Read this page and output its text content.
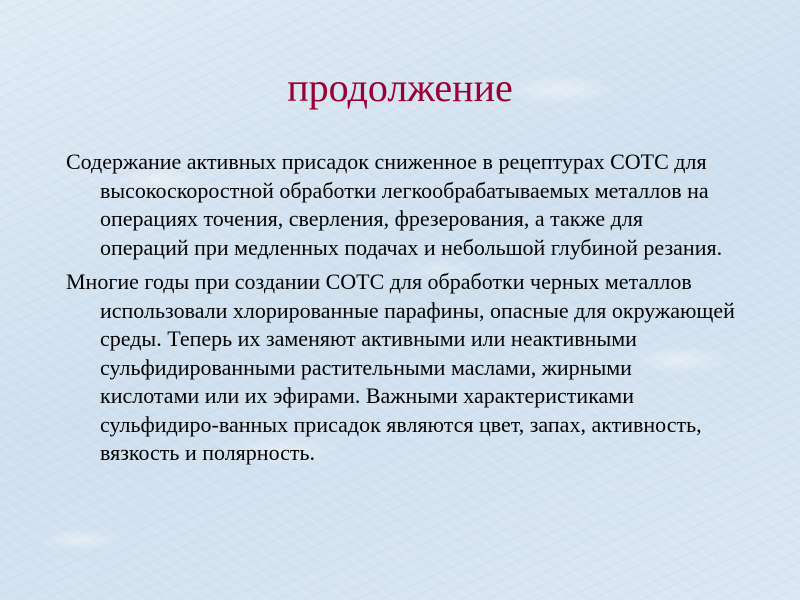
продолжение

Содержание активных присадок сниженное в рецептурах СОТС для высокоскоростной обработки легкообрабатываемых металлов на операциях точения, сверления, фрезерования, а также для операций при медленных подачах и небольшой глубиной резания.

Многие годы при создании СОТС для обработки черных металлов использовали хлорированные парафины, опасные для окружающей среды. Теперь их заменяют активными или неактивными сульфидированными растительными маслами, жирными кислотами или их эфирами. Важными характеристиками сульфидиро-ванных присадок являются цвет, запах, активность, вязкость и полярность.
